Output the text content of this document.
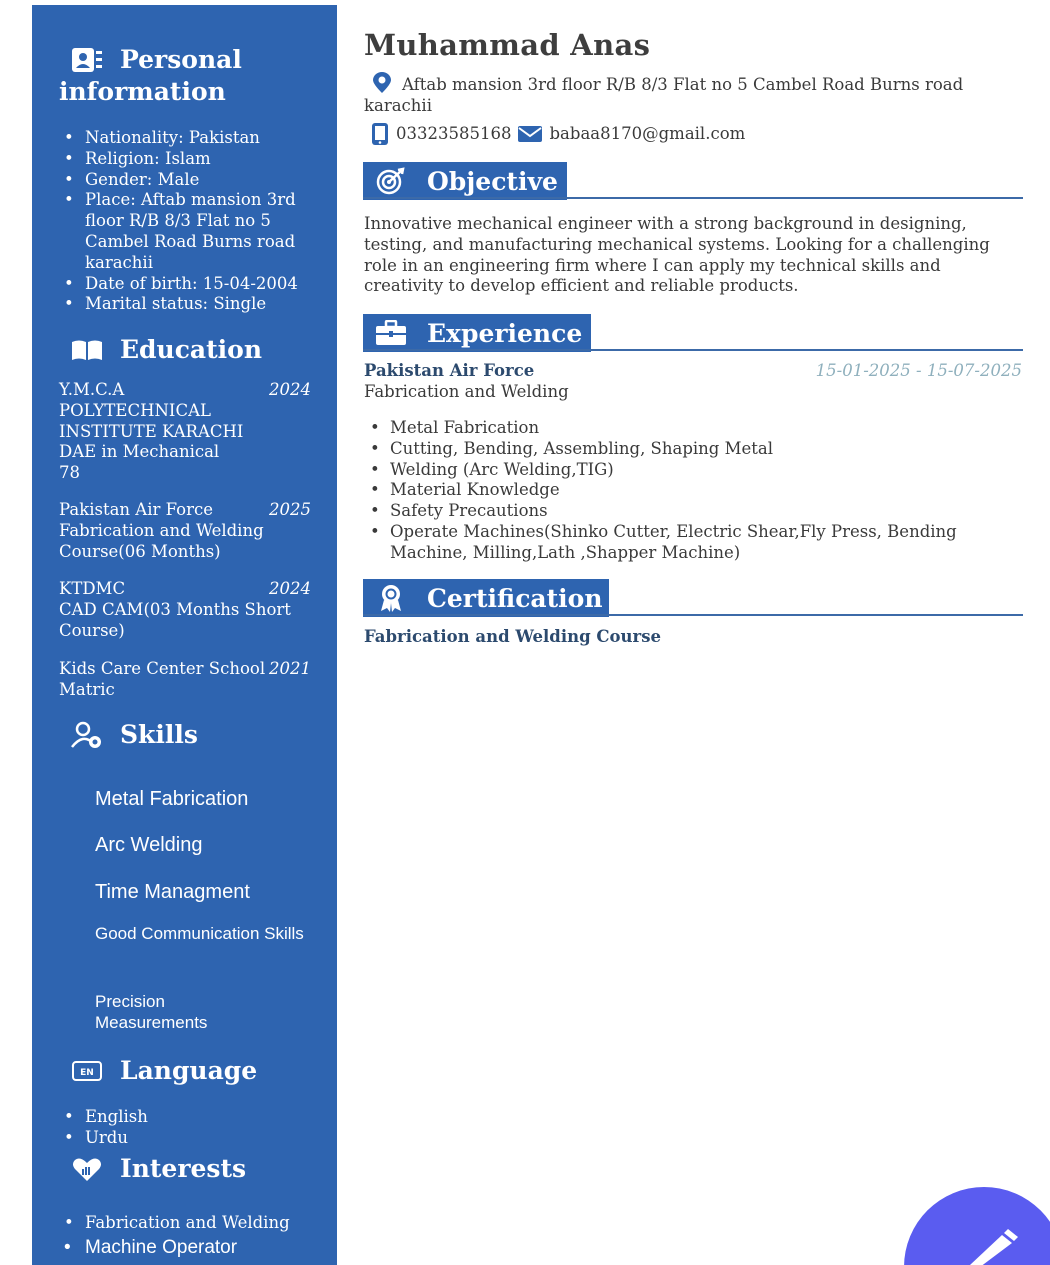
Personal
information
• Nationality: Pakistan
• Religion: Islam
• Gender: Male
• Place: Aftab mansion 3rd floor R/B 8/3 Flat no 5 Cambel Road Burns road karachii
• Date of birth: 15-04-2004
• Marital status: Single
Education
2024
Y.M.C.A
POLYTECHNICAL
INSTITUTE KARACHI
DAE in Mechanical
78
2025
Pakistan Air Force
Fabrication and Welding
Course(06 Months)
2024
KTDMC
CAD CAM(03 Months Short
Course)
2021
Kids Care Center School
Matric
Skills
Metal Fabrication
Arc Welding
Time Managment
Good Communication Skills
Precision Measurements
EN Language
• English
• Urdu
Interests
• Fabrication and Welding
• Machine Operator
Muhammad Anas
Aftab mansion 3rd floor R/B 8/3 Flat no 5 Cambel Road Burns road karachii
03323585168 babaa8170@gmail.com
Objective
Innovative mechanical engineer with a strong background in designing, testing, and manufacturing mechanical systems. Looking for a challenging role in an engineering firm where I can apply my technical skills and creativity to develop efficient and reliable products.
Experience
Pakistan Air Force	15-01-2025 - 15-07-2025
Fabrication and Welding
• Metal Fabrication
• Cutting, Bending, Assembling, Shaping Metal
• Welding (Arc Welding,TIG)
• Material Knowledge
• Safety Precautions
• Operate Machines(Shinko Cutter, Electric Shear,Fly Press, Bending Machine, Milling,Lath ,Shapper Machine)
Certification
Fabrication and Welding Course
